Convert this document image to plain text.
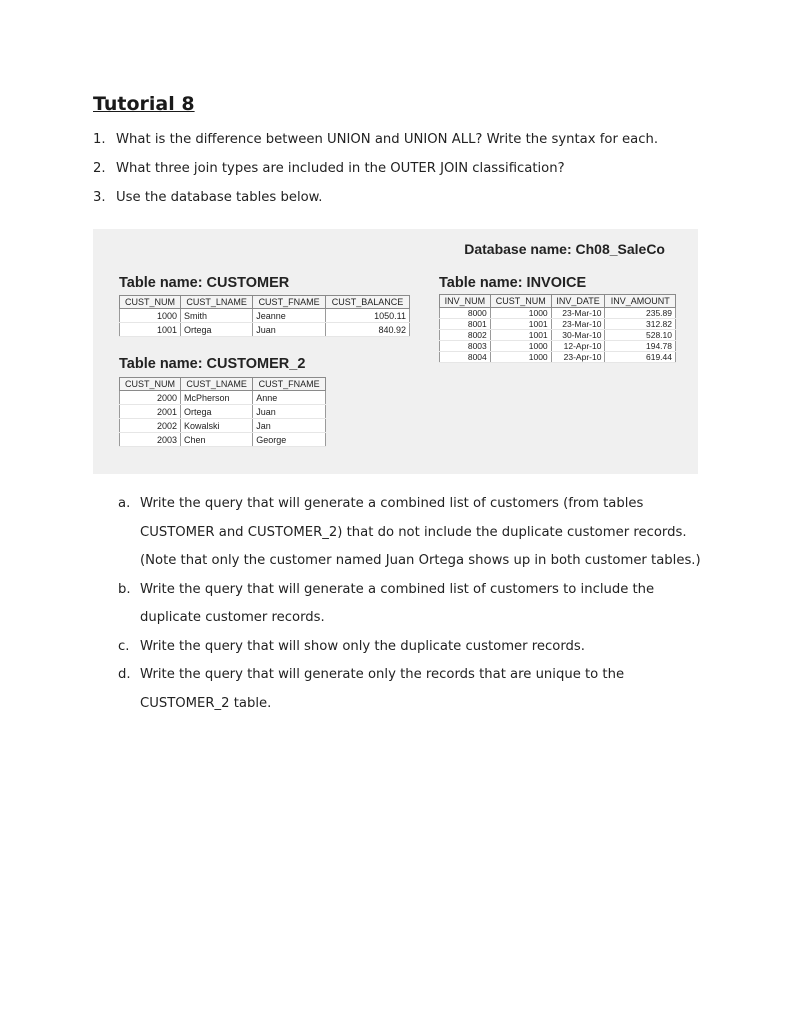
Tutorial 8
1. What is the difference between UNION and UNION ALL? Write the syntax for each.
2. What three join types are included in the OUTER JOIN classification?
3. Use the database tables below.
Database name: Ch08_SaleCo
Table name: CUSTOMER
CUST_NUM	CUST_LNAME	CUST_FNAME	CUST_BALANCE
1000	Smith	Jeanne	1050.11
1001	Ortega	Juan	840.92
Table name: CUSTOMER_2
CUST_NUM	CUST_LNAME	CUST_FNAME
2000	McPherson	Anne
2001	Ortega	Juan
2002	Kowalski	Jan
2003	Chen	George
Table name: INVOICE
INV_NUM	CUST_NUM	INV_DATE	INV_AMOUNT
8000	1000	23-Mar-10	235.89
8001	1001	23-Mar-10	312.82
8002	1001	30-Mar-10	528.10
8003	1000	12-Apr-10	194.78
8004	1000	23-Apr-10	619.44
a. Write the query that will generate a combined list of customers (from tables CUSTOMER and CUSTOMER_2) that do not include the duplicate customer records. (Note that only the customer named Juan Ortega shows up in both customer tables.)
b. Write the query that will generate a combined list of customers to include the duplicate customer records.
c. Write the query that will show only the duplicate customer records.
d. Write the query that will generate only the records that are unique to the CUSTOMER_2 table.
